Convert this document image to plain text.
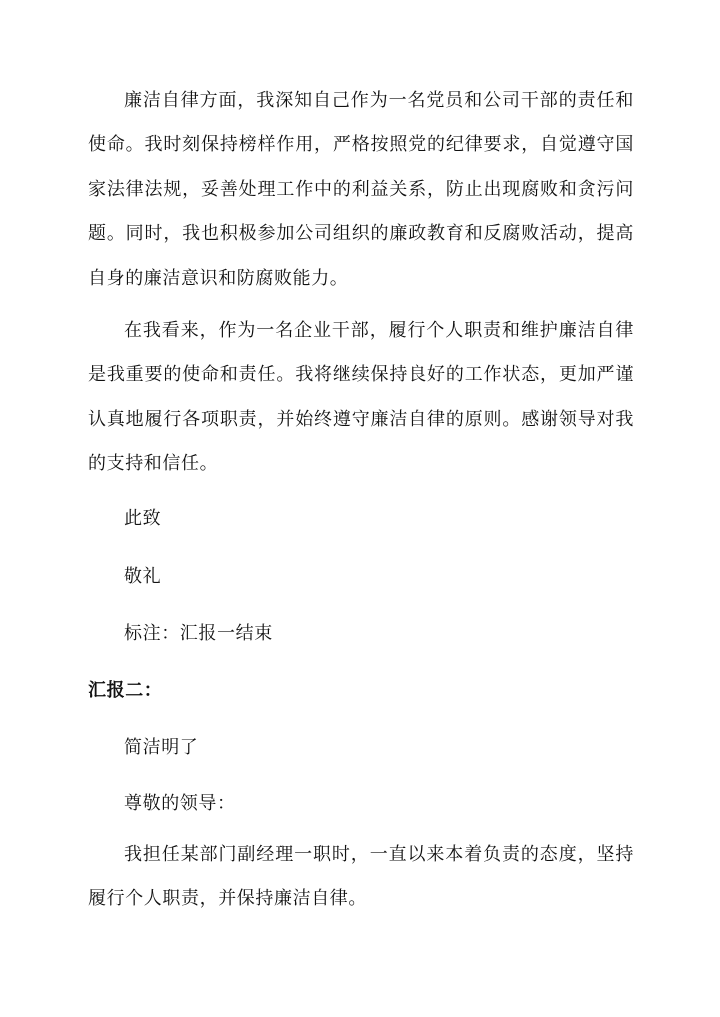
廉洁自律方面，我深知自己作为一名党员和公司干部的责任和使命。我时刻保持榜样作用，严格按照党的纪律要求，自觉遵守国家法律法规，妥善处理工作中的利益关系，防止出现腐败和贪污问题。同时，我也积极参加公司组织的廉政教育和反腐败活动，提高自身的廉洁意识和防腐败能力。

在我看来，作为一名企业干部，履行个人职责和维护廉洁自律是我重要的使命和责任。我将继续保持良好的工作状态，更加严谨认真地履行各项职责，并始终遵守廉洁自律的原则。感谢领导对我的支持和信任。

此致

敬礼

标注：汇报一结束

汇报二：

简洁明了

尊敬的领导：

我担任某部门副经理一职时，一直以来本着负责的态度，坚持履行个人职责，并保持廉洁自律。
